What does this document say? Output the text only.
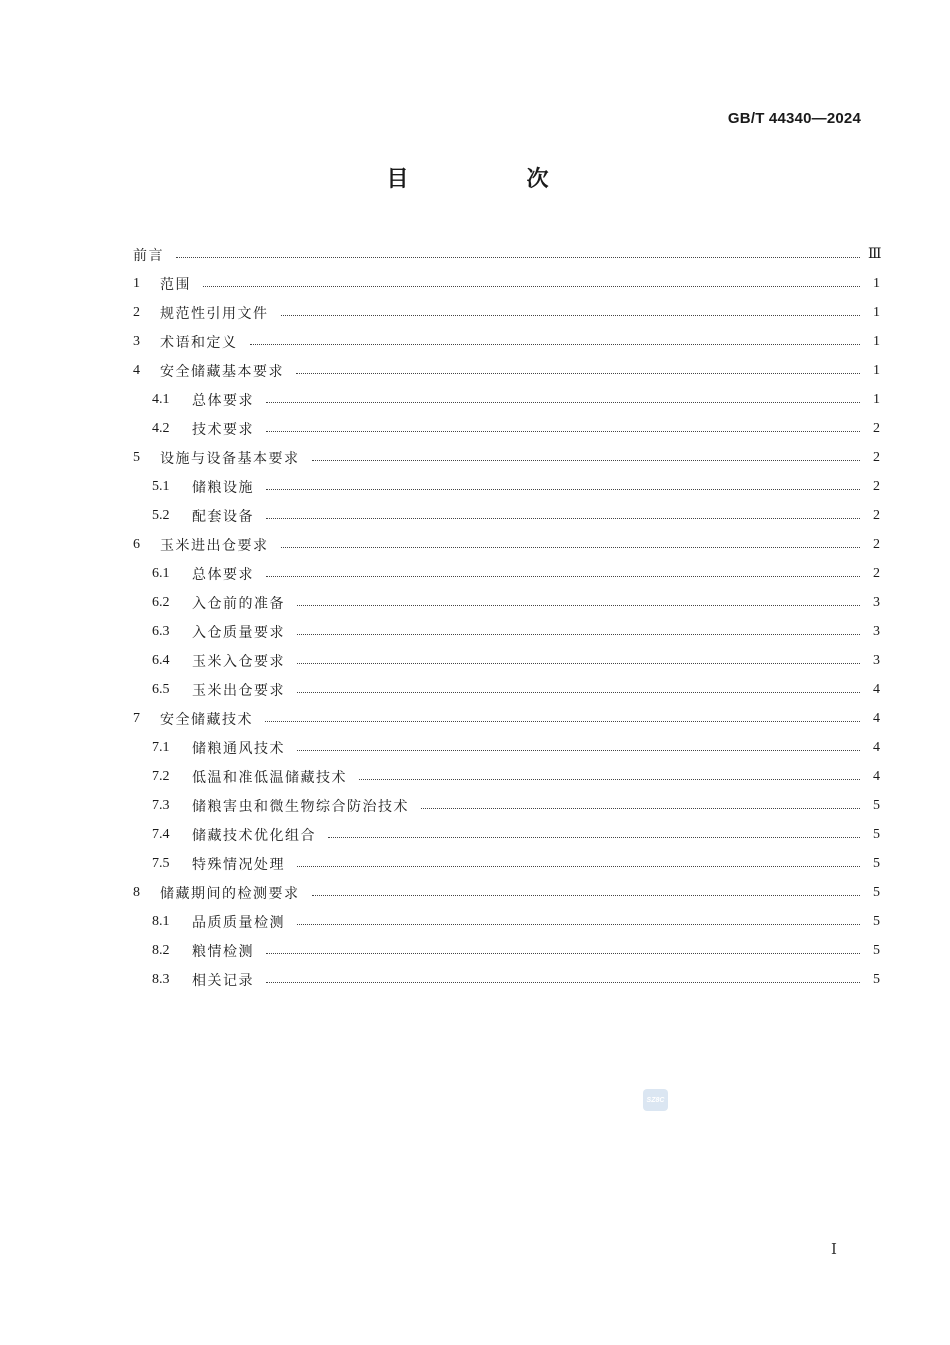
GB/T 44340—2024
目　次
前言	Ⅲ
1	范围	1
2	规范性引用文件	1
3	术语和定义	1
4	安全储藏基本要求	1
4.1	总体要求	1
4.2	技术要求	2
5	设施与设备基本要求	2
5.1	储粮设施	2
5.2	配套设备	2
6	玉米进出仓要求	2
6.1	总体要求	2
6.2	入仓前的准备	3
6.3	入仓质量要求	3
6.4	玉米入仓要求	3
6.5	玉米出仓要求	4
7	安全储藏技术	4
7.1	储粮通风技术	4
7.2	低温和准低温储藏技术	4
7.3	储粮害虫和微生物综合防治技术	5
7.4	储藏技术优化组合	5
7.5	特殊情况处理	5
8	储藏期间的检测要求	5
8.1	品质质量检测	5
8.2	粮情检测	5
8.3	相关记录	5
SZ8C
Ⅰ
